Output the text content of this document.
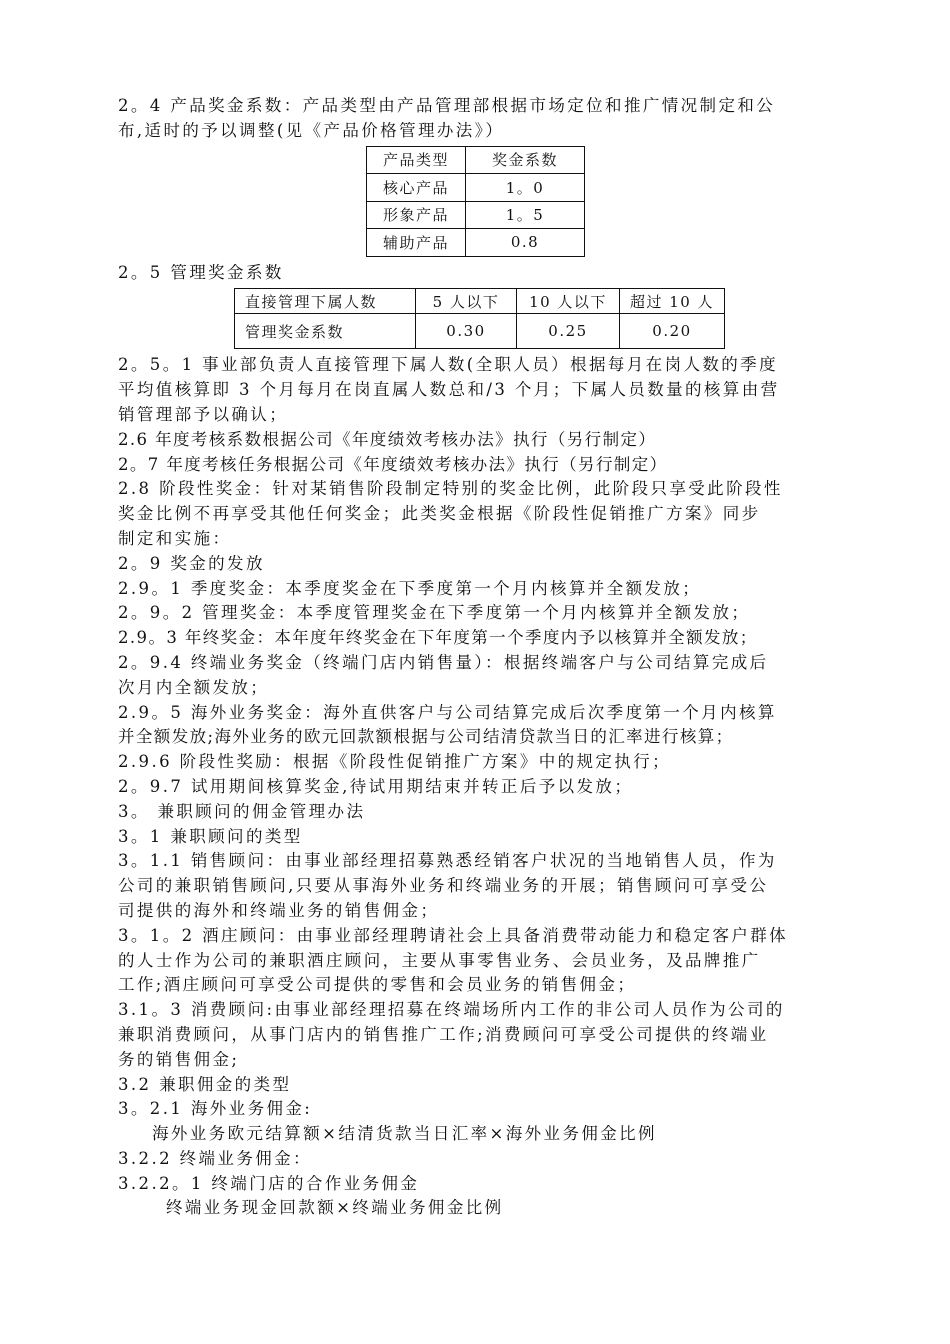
2。4 产品奖金系数：产品类型由产品管理部根据市场定位和推广情况制定和公
布,适时的予以调整(见《产品价格管理办法》）
产品类型	奖金系数
核心产品	1。0
形象产品	1。5
辅助产品	0.8
2。5 管理奖金系数
直接管理下属人数	5 人以下	10 人以下	超过 10 人
管理奖金系数	0.30	0.25	0.20
2。5。1 事业部负责人直接管理下属人数(全职人员）根据每月在岗人数的季度
平均值核算即 3 个月每月在岗直属人数总和/3 个月；下属人员数量的核算由营
销管理部予以确认；
2.6 年度考核系数根据公司《年度绩效考核办法》执行（另行制定）
2。7 年度考核任务根据公司《年度绩效考核办法》执行（另行制定）
2.8 阶段性奖金：针对某销售阶段制定特别的奖金比例，此阶段只享受此阶段性
奖金比例不再享受其他任何奖金；此类奖金根据《阶段性促销推广方案》同步
制定和实施：
2。9 奖金的发放
2.9。1 季度奖金：本季度奖金在下季度第一个月内核算并全额发放；
2。9。2 管理奖金：本季度管理奖金在下季度第一个月内核算并全额发放；
2.9。3 年终奖金：本年度年终奖金在下年度第一个季度内予以核算并全额发放；
2。9.4 终端业务奖金（终端门店内销售量）：根据终端客户与公司结算完成后
次月内全额发放；
2.9。5 海外业务奖金：海外直供客户与公司结算完成后次季度第一个月内核算
并全额发放;海外业务的欧元回款额根据与公司结清贷款当日的汇率进行核算；
2.9.6 阶段性奖励：根据《阶段性促销推广方案》中的规定执行；
2。9.7 试用期间核算奖金,待试用期结束并转正后予以发放；
3。 兼职顾问的佣金管理办法
3。1 兼职顾问的类型
3。1.1 销售顾问：由事业部经理招募熟悉经销客户状况的当地销售人员，作为
公司的兼职销售顾问,只要从事海外业务和终端业务的开展；销售顾问可享受公
司提供的海外和终端业务的销售佣金；
3。1。2 酒庄顾问：由事业部经理聘请社会上具备消费带动能力和稳定客户群体
的人士作为公司的兼职酒庄顾问，主要从事零售业务、会员业务，及品牌推广
工作;酒庄顾问可享受公司提供的零售和会员业务的销售佣金；
3.1。3 消费顾问:由事业部经理招募在终端场所内工作的非公司人员作为公司的
兼职消费顾问，从事门店内的销售推广工作;消费顾问可享受公司提供的终端业
务的销售佣金;
3.2 兼职佣金的类型
3。2.1 海外业务佣金:
海外业务欧元结算额×结清货款当日汇率×海外业务佣金比例
3.2.2 终端业务佣金：
3.2.2。1 终端门店的合作业务佣金
终端业务现金回款额×终端业务佣金比例
